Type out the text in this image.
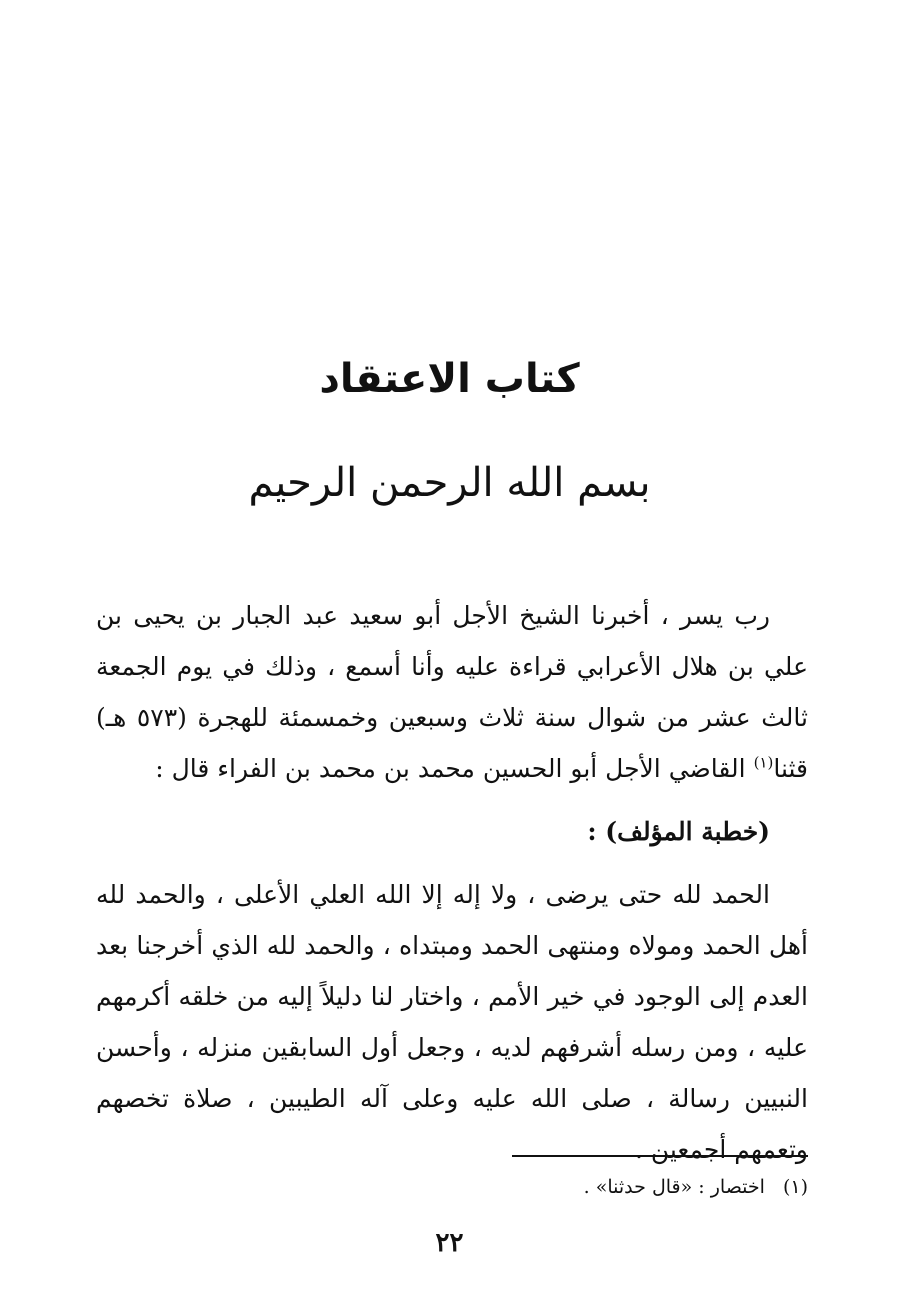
كتاب الاعتقاد
بسم الله الرحمن الرحيم

رب يسر ، أخبرنا الشيخ الأجل أبو سعيد عبد الجبار بن يحيى بن علي بن هلال الأعرابي قراءة عليه وأنا أسمع ، وذلك في يوم الجمعة ثالث عشر من شوال سنة ثلاث وسبعين وخمسمئة للهجرة (٥٧٣ هـ) قثنا$^{(١)}$ القاضي الأجل أبو الحسين محمد بن محمد بن الفراء قال :

(خطبة المؤلف) :

الحمد لله حتى يرضى ، ولا إله إلا الله العلي الأعلى ، والحمد لله أهل الحمد ومولاه ومنتهى الحمد ومبتداه ، والحمد لله الذي أخرجنا بعد العدم إلى الوجود في خير الأمم ، واختار لنا دليلاً إليه من خلقه أكرمهم عليه ، ومن رسله أشرفهم لديه ، وجعل أول السابقين منزله ، وأحسن النبيين رسالة ، صلى الله عليه وعلى آله الطيبين ، صلاة تخصهم وتعمهم أجمعين .

(١)اختصار : «قال حدثنا» .
٢٢
